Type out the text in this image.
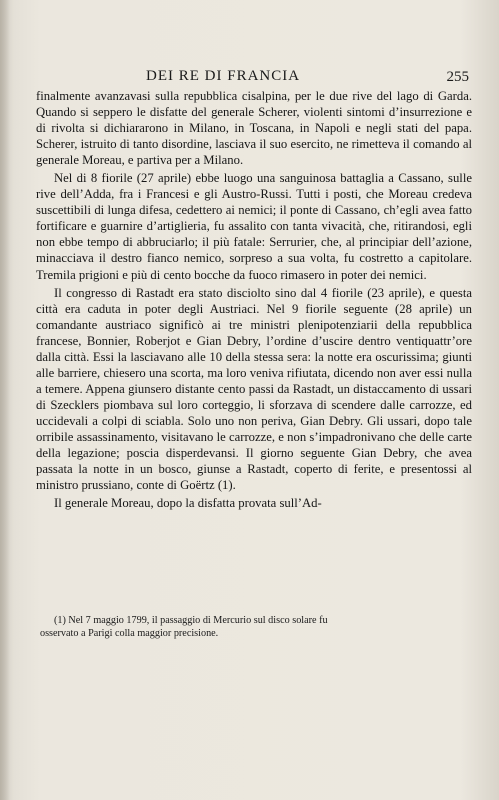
DEI RE DI FRANCIA	255

finalmente avanzavasi sulla repubblica cisalpina, per le due rive del lago di Garda. Quando si seppero le disfatte del generale Scherer, violenti sintomi d’insurrezione e di rivolta si dichiararono in Milano, in Toscana, in Napoli e negli stati del papa. Scherer, istruito di tanto disordine, lasciava il suo esercito, ne rimetteva il comando al generale Moreau, e partiva per a Milano.

Nel di 8 fiorile (27 aprile) ebbe luogo una sanguinosa battaglia a Cassano, sulle rive dell’Adda, fra i Francesi e gli Austro-Russi. Tutti i posti, che Moreau credeva suscettibili di lunga difesa, cedettero ai nemici; il ponte di Cassano, ch’egli avea fatto fortificare e guarnire d’artiglieria, fu assalito con tanta vivacità, che, ritirandosi, egli non ebbe tempo di abbruciarlo; il più fatale: Serrurier, che, al principiar dell’azione, minacciava il destro fianco nemico, sorpreso a sua volta, fu costretto a capitolare. Tremila prigioni e più di cento bocche da fuoco rimasero in poter dei nemici.

Il congresso di Rastadt era stato disciolto sino dal 4 fiorile (23 aprile), e questa città era caduta in poter degli Austriaci. Nel 9 fiorile seguente (28 aprile) un comandante austriaco significò ai tre ministri plenipotenziarii della repubblica francese, Bonnier, Roberjot e Gian Debry, l’ordine d’uscire dentro ventiquattr’ore dalla città. Essi la lasciavano alle 10 della stessa sera: la notte era oscurissima; giunti alle barriere, chiesero una scorta, ma loro veniva rifiutata, dicendo non aver essi nulla a temere. Appena giunsero distante cento passi da Rastadt, un distaccamento di ussari di Szecklers piombava sul loro corteggio, li sforzava di scendere dalle carrozze, ed uccidevali a colpi di sciabla. Solo uno non periva, Gian Debry. Gli ussari, dopo tale orribile assassinamento, visitavano le carrozze, e non s’impadronivano che delle carte della legazione; poscia disperdevansi. Il giorno seguente Gian Debry, che avea passata la notte in un bosco, giunse a Rastadt, coperto di ferite, e presentossi al ministro prussiano, conte di Goërtz (1).

Il generale Moreau, dopo la disfatta provata sull’Ad-

(1) Nel 7 maggio 1799, il passaggio di Mercurio sul disco solare fu
osservato a Parigi colla maggior precisione.
